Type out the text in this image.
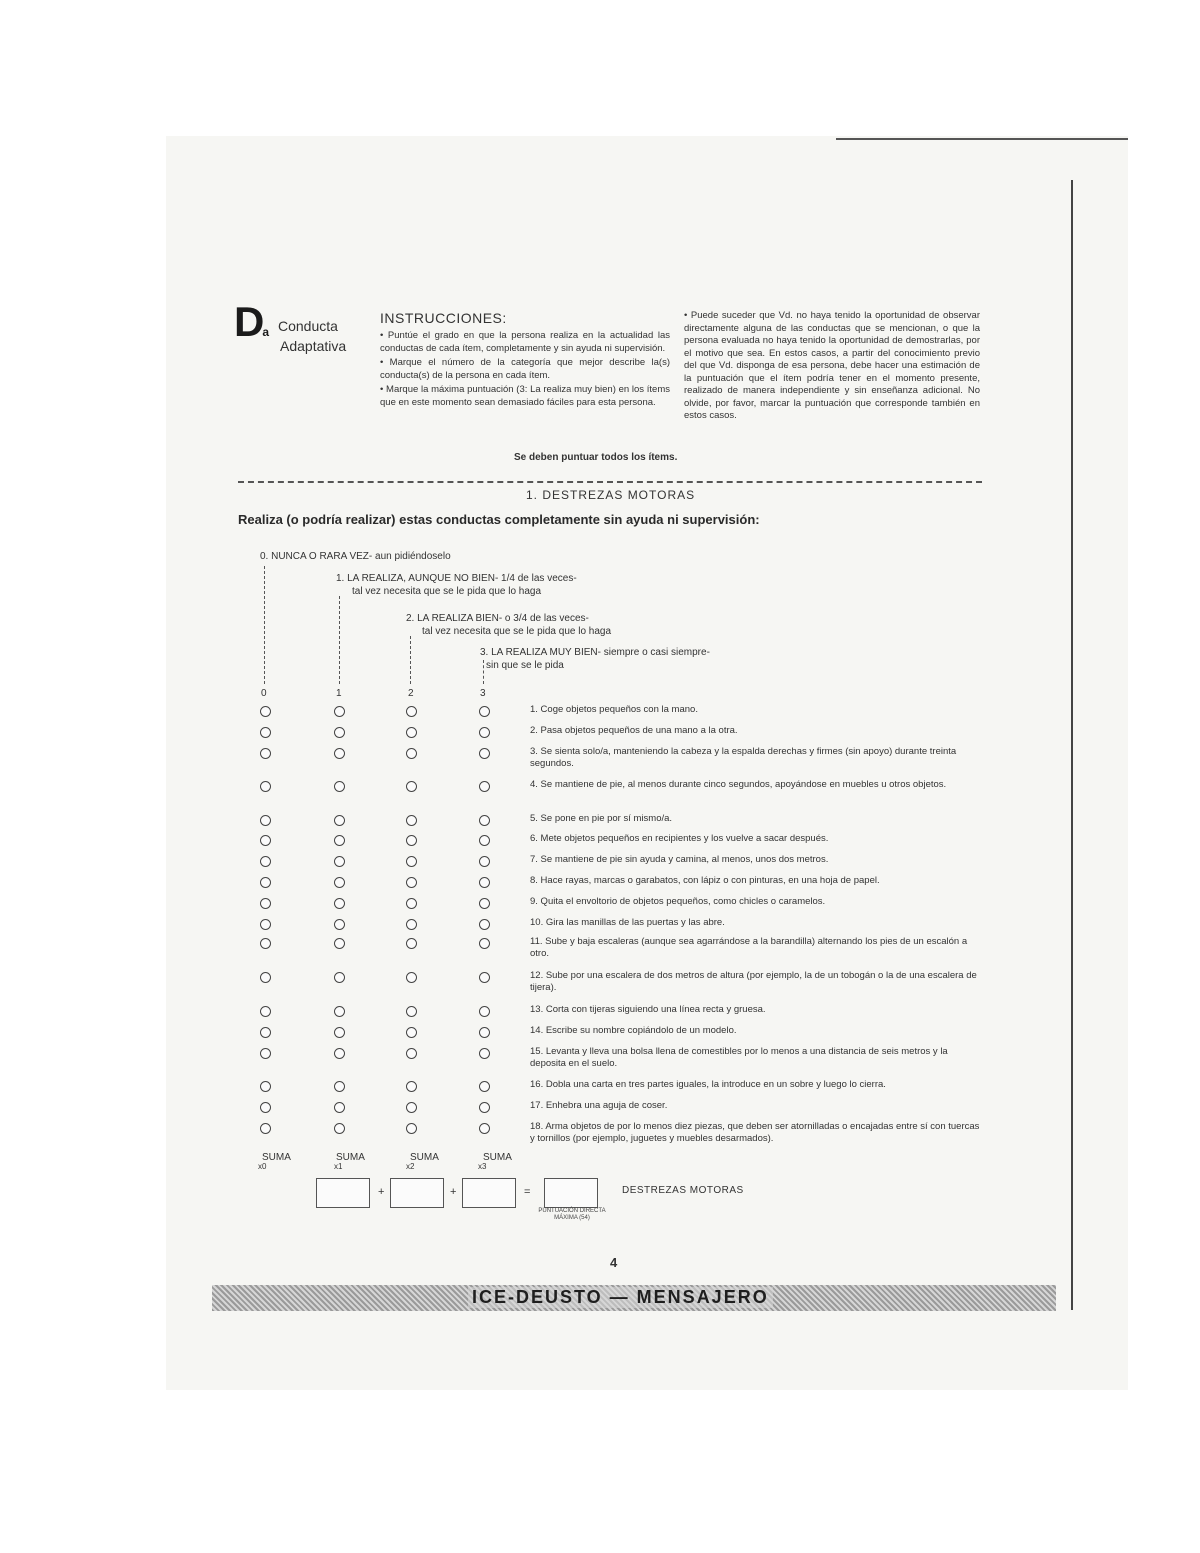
Da Conducta
Adaptativa
INSTRUCCIONES:

• Puntúe el grado en que la persona realiza en la actualidad las conductas de cada ítem, completamente y sin ayuda ni supervisión.

• Marque el número de la categoría que mejor describe la(s) conducta(s) de la persona en cada ítem.

• Marque la máxima puntuación (3: La realiza muy bien) en los ítems que en este momento sean demasiado fáciles para esta persona.

• Puede suceder que Vd. no haya tenido la oportunidad de observar directamente alguna de las conductas que se mencionan, o que la persona evaluada no haya tenido la oportunidad de demostrarlas, por el motivo que sea. En estos casos, a partir del conocimiento previo del que Vd. disponga de esa persona, debe hacer una estimación de la puntuación que el ítem podría tener en el momento presente, realizado de manera independiente y sin enseñanza adicional. No olvide, por favor, marcar la puntuación que corresponde también en estos casos.

Se deben puntuar todos los ítems.
1. DESTREZAS MOTORAS
Realiza (o podría realizar) estas conductas completamente sin ayuda ni supervisión:
0. NUNCA O RARA VEZ- aun pidiéndoselo
1. LA REALIZA, AUNQUE NO BIEN- 1/4 de las veces-
tal vez necesita que se le pida que lo haga
2. LA REALIZA BIEN- o 3/4 de las veces-
tal vez necesita que se le pida que lo haga
3. LA REALIZA MUY BIEN- siempre o casi siempre-
sin que se le pida
0	1	2	3
1. Coge objetos pequeños con la mano.
2. Pasa objetos pequeños de una mano a la otra.
3. Se sienta solo/a, manteniendo la cabeza y la espalda derechas y firmes (sin apoyo) durante treinta segundos.
4. Se mantiene de pie, al menos durante cinco segundos, apoyándose en muebles u otros objetos.
5. Se pone en pie por sí mismo/a.
6. Mete objetos pequeños en recipientes y los vuelve a sacar después.
7. Se mantiene de pie sin ayuda y camina, al menos, unos dos metros.
8. Hace rayas, marcas o garabatos, con lápiz o con pinturas, en una hoja de papel.
9. Quita el envoltorio de objetos pequeños, como chicles o caramelos.
10. Gira las manillas de las puertas y las abre.
11. Sube y baja escaleras (aunque sea agarrándose a la barandilla) alternando los pies de un escalón a otro.
12. Sube por una escalera de dos metros de altura (por ejemplo, la de un tobogán o la de una escalera de tijera).
13. Corta con tijeras siguiendo una línea recta y gruesa.
14. Escribe su nombre copiándolo de un modelo.
15. Levanta y lleva una bolsa llena de comestibles por lo menos a una distancia de seis metros y la deposita en el suelo.
16. Dobla una carta en tres partes iguales, la introduce en un sobre y luego lo cierra.
17. Enhebra una aguja de coser.
18. Arma objetos de por lo menos diez piezas, que deben ser atornilladas o encajadas entre sí con tuercas y tornillos (por ejemplo, juguetes y muebles desarmados).
SUMA	SUMA	SUMA	SUMA
x0	x1	x2	x3
+	+	=
PUNTUACIÓN DIRECTA MÁXIMA (54)
DESTREZAS MOTORAS
4
ICE-DEUSTO — MENSAJERO
